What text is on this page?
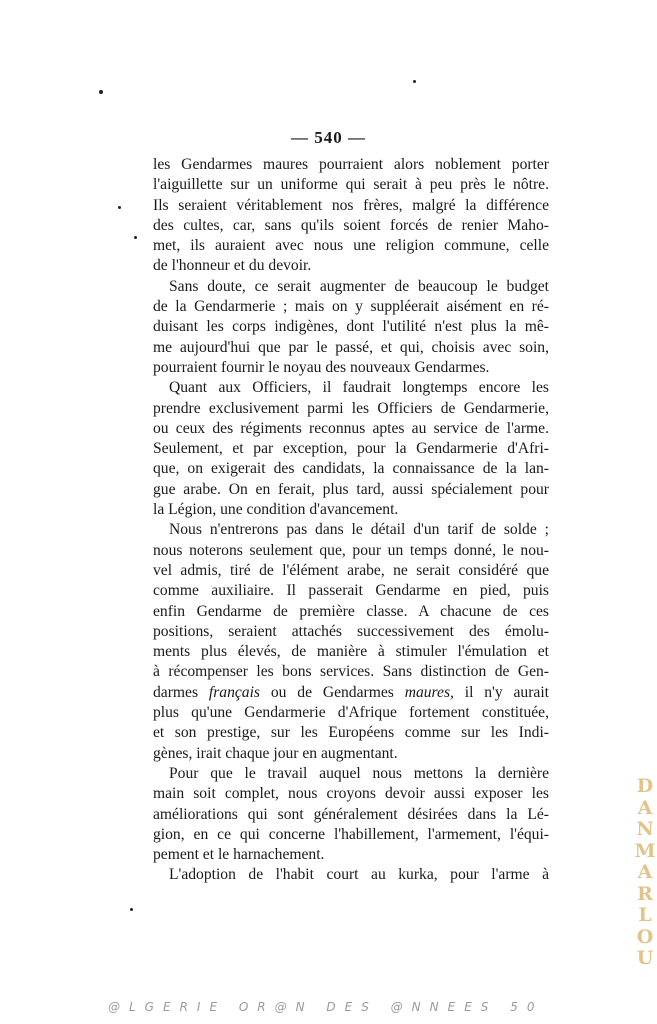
— 540 —
les Gendarmes maures pourraient alors noblement porter
l'aiguillette sur un uniforme qui serait à peu près le nôtre.
Ils seraient véritablement nos frères, malgré la différence
des cultes, car, sans qu'ils soient forcés de renier Maho-
met, ils auraient avec nous une religion commune, celle
de l'honneur et du devoir.
Sans doute, ce serait augmenter de beaucoup le budget
de la Gendarmerie ; mais on y suppléerait aisément en ré-
duisant les corps indigènes, dont l'utilité n'est plus la mê-
me aujourd'hui que par le passé, et qui, choisis avec soin,
pourraient fournir le noyau des nouveaux Gendarmes.
Quant aux Officiers, il faudrait longtemps encore les
prendre exclusivement parmi les Officiers de Gendarmerie,
ou ceux des régiments reconnus aptes au service de l'arme.
Seulement, et par exception, pour la Gendarmerie d'Afri-
que, on exigerait des candidats, la connaissance de la lan-
gue arabe. On en ferait, plus tard, aussi spécialement pour
la Légion, une condition d'avancement.
Nous n'entrerons pas dans le détail d'un tarif de solde ;
nous noterons seulement que, pour un temps donné, le nou-
vel admis, tiré de l'élément arabe, ne serait considéré que
comme auxiliaire. Il passerait Gendarme en pied, puis
enfin Gendarme de première classe. A chacune de ces
positions, seraient attachés successivement des émolu-
ments plus élevés, de manière à stimuler l'émulation et
à récompenser les bons services. Sans distinction de Gen-
darmes français ou de Gendarmes maures, il n'y aurait
plus qu'une Gendarmerie d'Afrique fortement constituée,
et son prestige, sur les Européens comme sur les Indi-
gènes, irait chaque jour en augmentant.
Pour que le travail auquel nous mettons la dernière
main soit complet, nous croyons devoir aussi exposer les
améliorations qui sont généralement désirées dans la Lé-
gion, en ce qui concerne l'habillement, l'armement, l'équi-
pement et le harnachement.
L'adoption de l'habit court au kurka, pour l'arme à
D
A
N
M
A
R
L
O
U
@LGERIE OR@N DES @NNEES 50
